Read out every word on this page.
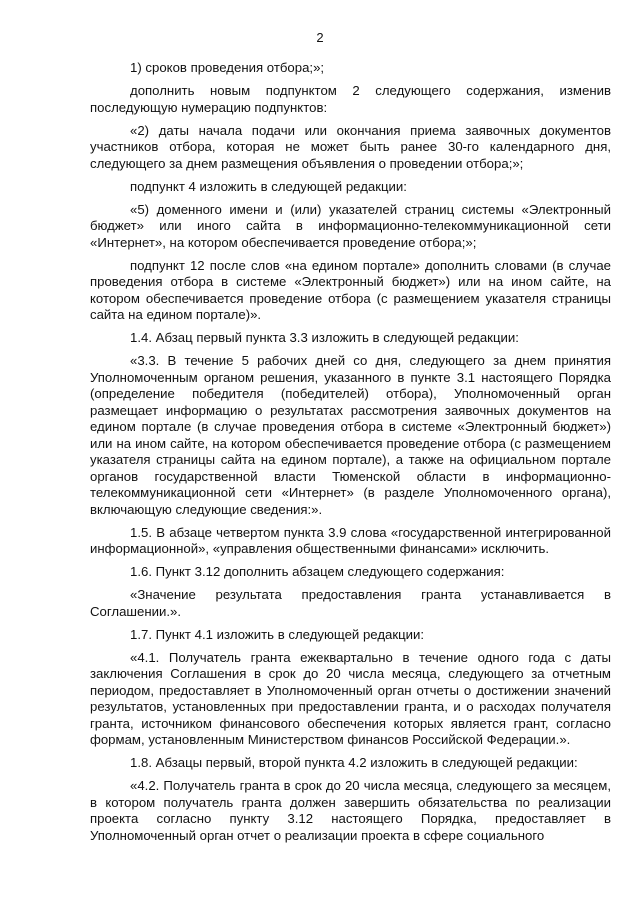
2

1) сроков проведения отбора;»;

дополнить новым подпунктом 2 следующего содержания, изменив последующую нумерацию подпунктов:

«2) даты начала подачи или окончания приема заявочных документов участников отбора, которая не может быть ранее 30-го календарного дня, следующего за днем размещения объявления о проведении отбора;»;

подпункт 4 изложить в следующей редакции:

«5) доменного имени и (или) указателей страниц системы «Электронный бюджет» или иного сайта в информационно-телекоммуникационной сети «Интернет», на котором обеспечивается проведение отбора;»;

подпункт 12 после слов «на едином портале» дополнить словами (в случае проведения отбора в системе «Электронный бюджет») или на ином сайте, на котором обеспечивается проведение отбора (с размещением указателя страницы сайта на едином портале)».

1.4. Абзац первый пункта 3.3 изложить в следующей редакции:

«3.3. В течение 5 рабочих дней со дня, следующего за днем принятия Уполномоченным органом решения, указанного в пункте 3.1 настоящего Порядка (определение победителя (победителей) отбора), Уполномоченный орган размещает информацию о результатах рассмотрения заявочных документов на едином портале (в случае проведения отбора в системе «Электронный бюджет») или на ином сайте, на котором обеспечивается проведение отбора (с размещением указателя страницы сайта на едином портале), а также на официальном портале органов государственной власти Тюменской области в информационно-телекоммуникационной сети «Интернет» (в разделе Уполномоченного органа), включающую следующие сведения:».

1.5. В абзаце четвертом пункта 3.9 слова «государственной интегрированной информационной», «управления общественными финансами» исключить.

1.6. Пункт 3.12 дополнить абзацем следующего содержания:

«Значение результата предоставления гранта устанавливается в Соглашении.».

1.7. Пункт 4.1 изложить в следующей редакции:

«4.1. Получатель гранта ежеквартально в течение одного года с даты заключения Соглашения в срок до 20 числа месяца, следующего за отчетным периодом, предоставляет в Уполномоченный орган отчеты о достижении значений результатов, установленных при предоставлении гранта, и о расходах получателя гранта, источником финансового обеспечения которых является грант, согласно формам, установленным Министерством финансов Российской Федерации.».

1.8. Абзацы первый, второй пункта 4.2 изложить в следующей редакции:

«4.2. Получатель гранта в срок до 20 числа месяца, следующего за месяцем, в котором получатель гранта должен завершить обязательства по реализации проекта согласно пункту 3.12 настоящего Порядка, предоставляет в Уполномоченный орган отчет о реализации проекта в сфере социального
